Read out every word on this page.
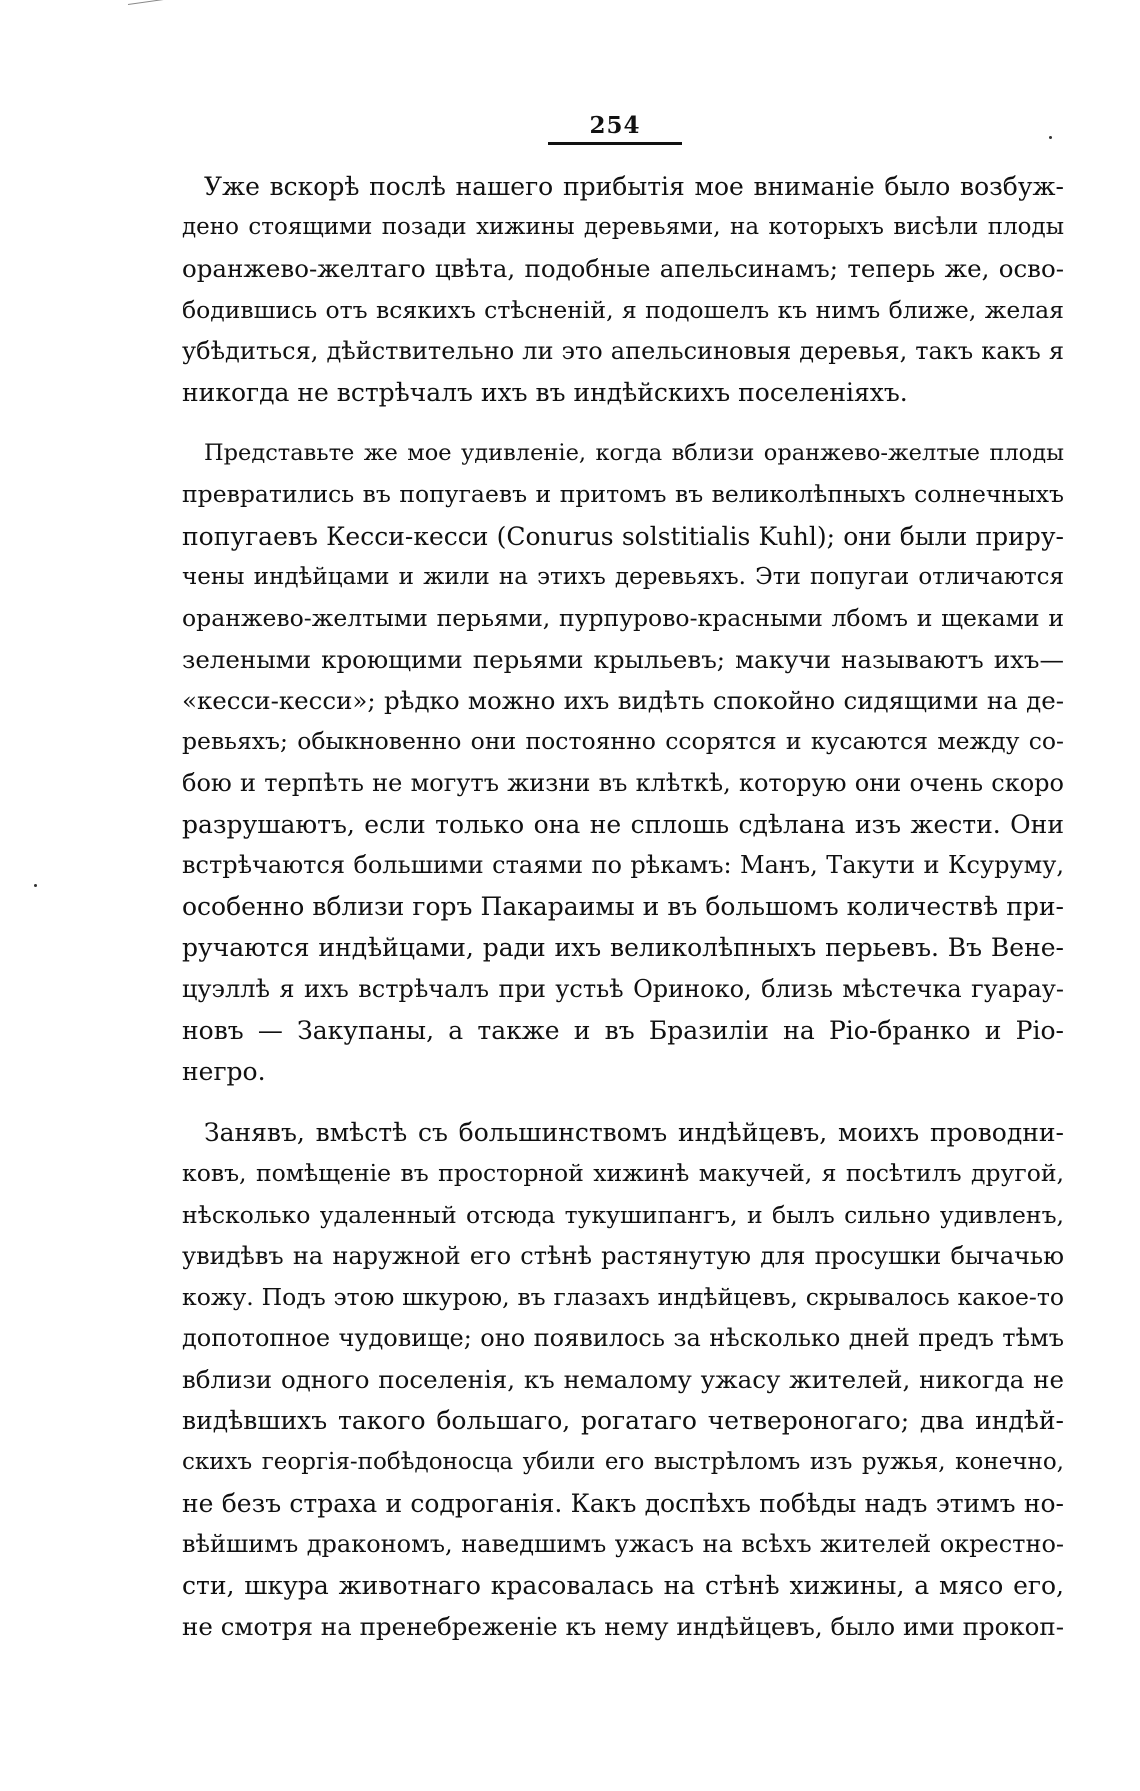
254

Уже вскорѣ послѣ нашего прибытія мое вниманіе было возбуж-
дено стоящими позади хижины деревьями, на которыхъ висѣли плоды
оранжево-желтаго цвѣта, подобные апельсинамъ; теперь же, осво-
бодившись отъ всякихъ стѣсненій, я подошелъ къ нимъ ближе, желая
убѣдиться, дѣйствительно ли это апельсиновыя деревья, такъ какъ я
никогда не встрѣчалъ ихъ въ индѣйскихъ поселеніяхъ.

Представьте же мое удивленіе, когда вблизи оранжево-желтые плоды
превратились въ попугаевъ и притомъ въ великолѣпныхъ солнечныхъ
попугаевъ Кесси-кесси (Conurus solstitialis Kuhl); они были приру-
чены индѣйцами и жили на этихъ деревьяхъ. Эти попугаи отличаются
оранжево-желтыми перьями, пурпурово-красными лбомъ и щеками и
зелеными кроющими перьями крыльевъ; макучи называютъ ихъ—
«кесси-кесси»; рѣдко можно ихъ видѣть спокойно сидящими на де-
ревьяхъ; обыкновенно они постоянно ссорятся и кусаются между со-
бою и терпѣть не могутъ жизни въ клѣткѣ, которую они очень скоро
разрушаютъ, если только она не сплошь сдѣлана изъ жести. Они
встрѣчаются большими стаями по рѣкамъ: Манъ, Такути и Ксуруму,
особенно вблизи горъ Пакараимы и въ большомъ количествѣ при-
ручаются индѣйцами, ради ихъ великолѣпныхъ перьевъ. Въ Вене-
цуэллѣ я ихъ встрѣчалъ при устьѣ Ориноко, близь мѣстечка гуарау-
новъ — Закупаны, а также и въ Бразиліи на Ріо-бранко и Ріо-
негро.

Занявъ, вмѣстѣ съ большинствомъ индѣйцевъ, моихъ проводни-
ковъ, помѣщеніе въ просторной хижинѣ макучей, я посѣтилъ другой,
нѣсколько удаленный отсюда тукушипангъ, и былъ сильно удивленъ,
увидѣвъ на наружной его стѣнѣ растянутую для просушки бычачью
кожу. Подъ этою шкурою, въ глазахъ индѣйцевъ, скрывалось какое-то
допотопное чудовище; оно появилось за нѣсколько дней предъ тѣмъ
вблизи одного поселенія, къ немалому ужасу жителей, никогда не
видѣвшихъ такого большаго, рогатаго четвероногаго; два индѣй-
скихъ георгія-побѣдоносца убили его выстрѣломъ изъ ружья, конечно,
не безъ страха и содроганія. Какъ доспѣхъ побѣды надъ этимъ но-
вѣйшимъ дракономъ, наведшимъ ужасъ на всѣхъ жителей окрестно-
сти, шкура животнаго красовалась на стѣнѣ хижины, а мясо его,
не смотря на пренебреженіе къ нему индѣйцевъ, было ими прокоп-
